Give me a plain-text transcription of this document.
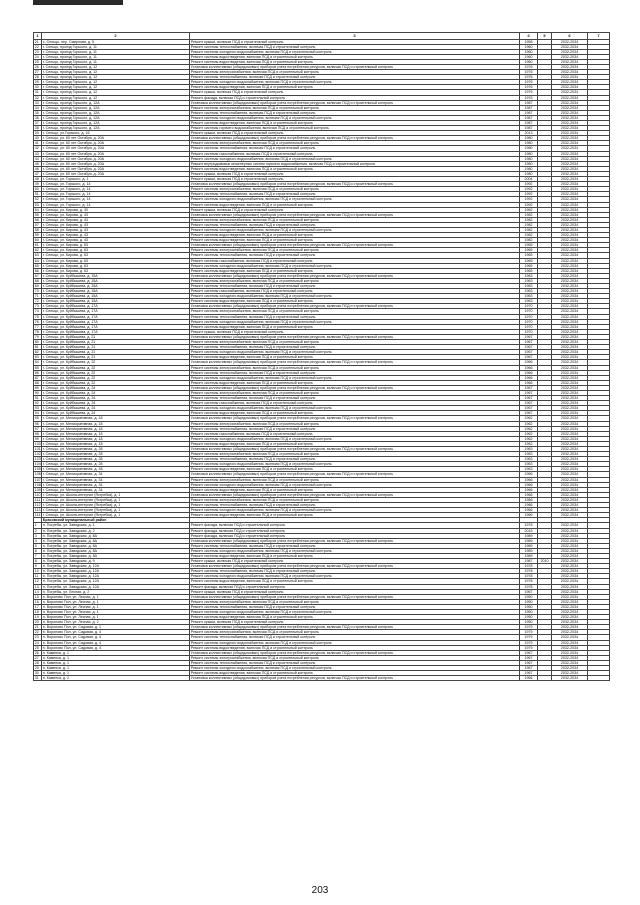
1	2	3	4	5	6	7
21	с. Сельцо, пер. Смирнова, д. 5	Ремонт крыши, включая ПСД и строительный контроль	1958		2032-2034	
22	г. Сельцо, проезд Горького, д. 11	Ремонт системы теплоснабжения, включая ПСД и строительный контроль	1960		2032-2034	
23	г. Сельцо, проезд Горького, д. 11	Ремонт системы холодного водоснабжения, включая ПСД и строительный контроль	1960		2032-2034	
24	г. Сельцо, проезд Горького, д. 11	Ремонт системы водоотведения, включая ПСД и строительный контроль	1960		2032-2034	
25	г. Сельцо, проезд Горького, д. 11	Ремонт системы водоотведения, включая ПСД и строительный контроль	1960		2032-2034	
26	г. Сельцо, проезд Горького, д. 12	Установка коллективных (общедомовых) приборов учета потребления ресурсов, включая ПСД и строительный контроль	1976		2032-2034	
27	г. Сельцо, проезд Горького, д. 12	Ремонт системы электроснабжения, включая ПСД и строительный контроль	1976		2032-2034	
28	г. Сельцо, проезд Горького, д. 12	Ремонт системы теплоснабжения, включая ПСД и строительный контроль	1976		2032-2034	
29	г. Сельцо, проезд Горького, д. 12	Ремонт системы холодного водоснабжения, включая ПСД и строительный контроль	1976		2032-2034	
30	г. Сельцо, проезд Горького, д. 12	Ремонт системы водоотведения, включая ПСД и строительный контроль	1976		2032-2034	
31	г. Сельцо, проезд Горького, д. 12	Ремонт крыши, включая ПСД и строительный контроль	1976		2032-2034	
32	г. Сельцо, проезд Горького, д. 12	Ремонт фасада, включая ПСД и строительный контроль	1976		2032-2034	
33	г. Сельцо, проезд Горького, д. 12А	Установка коллективных (общедомовых) приборов учета потребления ресурсов, включая ПСД и строительный контроль	1987		2032-2034	
34	г. Сельцо, проезд Горького, д. 12А	Ремонт системы электроснабжения, включая ПСД и строительный контроль	1987		2032-2034	
35	г. Сельцо, проезд Горького, д. 12А	Ремонт системы теплоснабжения, включая ПСД и строительный контроль	1987		2032-2034	
36	г. Сельцо, проезд Горького, д. 12А	Ремонт системы холодного водоснабжения, включая ПСД и строительный контроль	1987		2032-2034	
37	г. Сельцо, проезд Горького, д. 12А	Ремонт системы водоотведения, включая ПСД и строительный контроль	1987		2032-2034	
38	г. Сельцо, проезд Горького, д. 12А	Ремонт системы горячего водоснабжения, включая ПСД и строительный контроль	1987		2032-2034	
39	г. Сельцо, ул.Горького, д. 16	Ремонт крыши, включая ПСД и строительный контроль	2013		2032-2034	
40	г. Сельцо, ул. 60 лет Октября, д. 20А	Установка коллективных (общедомовых) приборов учета потребления ресурсов, включая ПСД и строительный контроль	1980		2032-2034	
41	г. Сельцо, ул. 60 лет Октября, д. 20А	Ремонт системы электроснабжения, включая ПСД и строительный контроль	1980		2032-2034	
42	г. Сельцо, ул. 60 лет Октября, д. 20А	Ремонт системы теплоснабжения, включая ПСД и строительный контроль	1980		2032-2034	
43	г. Сельцо, ул. 60 лет Октября, д. 20А	Ремонт системы газоснабжения, включая ПСД и строительный контроль	1980		2032-2034	
44	г. Сельцо, ул. 60 лет Октября, д. 20А	Ремонт системы холодного водоснабжения, включая ПСД и строительный контроль	1980		2032-2034	
45	г. Сельцо, ул. 60 лет Октября, д. 20А	Ремонт внутридомовых инженерных систем горячего водоснабжения, включая ПСД и строительный контроль	1980		2032-2034	
46	г. Сельцо, ул. 60 лет Октября, д. 20А	Ремонт системы водоотведения, включая ПСД и строительный контроль	1980		2032-2034	
47	г. Сельцо, ул. 60 лет Октября, д. 20А	Ремонт крыши, включая ПСД и строительный контроль	1980		2032-2034	
48	г. Сельцо, ул. Горького, д. 1	Ремонт крыши, включая ПСД и строительный контроль	2004		2032-2034	
49	г. Сельцо, ул. Горького, д. 14	Установка коллективных (общедомовых) приборов учета потребления ресурсов, включая ПСД и строительный контроль	1992		2032-2034	
50	г. Сельцо, ул. Горького, д. 14	Ремонт системы электроснабжения, включая ПСД и строительный контроль	1992		2032-2034	
51	г. Сельцо, ул. Горького, д. 14	Ремонт системы теплоснабжения, включая ПСД и строительный контроль	1992		2032-2034	
52	г. Сельцо, ул. Горького, д. 14	Ремонт системы холодного водоснабжения, включая ПСД и строительный контроль	1992		2032-2034	
53	г. Сельцо, ул. Горького, д. 14	Ремонт системы водоотведения, включая ПСД и строительный контроль	1992		2032-2034	
54	г. Сельцо, ул. Кирова, д. 30	Ремонт крыши, включая ПСД и строительный контроль	1962		2032-2034	
55	г. Сельцо, ул. Кирова, д. 43	Установка коллективных (общедомовых) приборов учета потребления ресурсов, включая ПСД и строительный контроль	1982		2032-2034	
56	г. Сельцо, ул. Кирова, д. 43	Ремонт системы электроснабжения, включая ПСД и строительный контроль	1982		2032-2034	
57	г. Сельцо, ул. Кирова, д. 43	Ремонт системы теплоснабжения, включая ПСД и строительный контроль	1982		2032-2034	
58	г. Сельцо, ул. Кирова, д. 43	Ремонт системы холодного водоснабжения, включая ПСД и строительный контроль	1982		2032-2034	
59	г. Сельцо, ул. Кирова, д. 43	Ремонт системы водоотведения, включая ПСД и строительный контроль	1982		2032-2034	
60	г. Сельцо, ул. Кирова, д. 43	Ремонт системы водоотведения, включая ПСД и строительный контроль	1982		2032-2034	
61	г. Сельцо, ул. Кирова, д. 63	Установка коллективных (общедомовых) приборов учета потребления ресурсов, включая ПСД и строительный контроль	1965		2032-2034	
62	г. Сельцо, ул. Кирова, д. 63	Ремонт системы электроснабжения, включая ПСД и строительный контроль	1965		2032-2034	
63	г. Сельцо, ул. Кирова, д. 63	Ремонт системы теплоснабжения, включая ПСД и строительный контроль	1965		2032-2034	
64	г. Сельцо, ул. Кирова, д. 63	Ремонт системы газоснабжения, включая ПСД и строительный контроль	1965		2032-2034	
65	г. Сельцо, ул. Кирова, д. 63	Ремонт системы холодного водоснабжения, включая ПСД и строительный контроль	1965		2032-2034	
66	г. Сельцо, ул. Кирова, д. 63	Ремонт системы водоотведения, включая ПСД и строительный контроль	1965		2032-2034	
67	г. Сельцо, ул. Куйбышева, д. 15А	Установка коллективных (общедомовых) приборов учета потребления ресурсов, включая ПСД и строительный контроль	1963		2032-2034	
68	г. Сельцо, ул. Куйбышева, д. 15А	Ремонт системы электроснабжения, включая ПСД и строительный контроль	1963		2032-2034	
69	г. Сельцо, ул. Куйбышева, д. 15А	Ремонт системы теплоснабжения, включая ПСД и строительный контроль	1963		2032-2034	
70	г. Сельцо, ул. Куйбышева, д. 15А	Ремонт системы газоснабжения, включая ПСД и строительный контроль	1963		2032-2034	
71	г. Сельцо, ул. Куйбышева, д. 15А	Ремонт системы холодного водоснабжения, включая ПСД и строительный контроль	1963		2032-2034	
72	г. Сельцо, ул. Куйбышева, д. 15А	Ремонт системы водоотведения, включая ПСД и строительный контроль	1963		2032-2034	
73	г. Сельцо, ул. Куйбышева, д. 17А	Установка коллективных (общедомовых) приборов учета потребления ресурсов, включая ПСД и строительный контроль	1970		2032-2034	
74	г. Сельцо, ул. Куйбышева, д. 17А	Ремонт системы электроснабжения, включая ПСД и строительный контроль	1970		2032-2034	
75	г. Сельцо, ул. Куйбышева, д. 17А	Ремонт системы теплоснабжения, включая ПСД и строительный контроль	1970		2032-2034	
76	г. Сельцо, ул. Куйбышева, д. 17А	Ремонт системы холодного водоснабжения, включая ПСД и строительный контроль	1970		2032-2034	
77	г. Сельцо, ул. Куйбышева, д. 17А	Ремонт системы водоотведения, включая ПСД и строительный контроль	1970		2032-2034	
78	г. Сельцо, ул. Куйбышева, д. 17А	Ремонт крыши, включая ПСД и строительный контроль	1970		2032-2034	
79	г. Сельцо, ул. Куйбышева, д. 21	Установка коллективных (общедомовых) приборов учета потребления ресурсов, включая ПСД и строительный контроль	1967		2032-2034	
80	г. Сельцо, ул. Куйбышева, д. 21	Ремонт системы электроснабжения, включая ПСД и строительный контроль	1967		2032-2034	
81	г. Сельцо, ул. Куйбышева, д. 21	Ремонт системы теплоснабжения, включая ПСД и строительный контроль	1967		2032-2034	
82	г. Сельцо, ул. Куйбышева, д. 21	Ремонт системы холодного водоснабжения, включая ПСД и строительный контроль	1967		2032-2034	
83	г. Сельцо, ул. Куйбышева, д. 21	Ремонт системы водоотведения, включая ПСД и строительный контроль	1967		2032-2034	
84	г. Сельцо, ул. Куйбышева, д. 22	Установка коллективных (общедомовых) приборов учета потребления ресурсов, включая ПСД и строительный контроль	1966		2032-2034	
85	г. Сельцо, ул. Куйбышева, д. 22	Ремонт системы электроснабжения, включая ПСД и строительный контроль	1966		2032-2034	
86	г. Сельцо, ул. Куйбышева, д. 22	Ремонт системы теплоснабжения, включая ПСД и строительный контроль	1966		2032-2034	
87	г. Сельцо, ул. Куйбышева, д. 22	Ремонт системы холодного водоснабжения, включая ПСД и строительный контроль	1966		2032-2034	
88	г. Сельцо, ул. Куйбышева, д. 22	Ремонт системы водоотведения, включая ПСД и строительный контроль	1966		2032-2034	
89	г. Сельцо, ул. Куйбышева, д. 24	Установка коллективных (общедомовых) приборов учета потребления ресурсов, включая ПСД и строительный контроль	1967		2032-2034	
90	г. Сельцо, ул. Куйбышева, д. 24	Ремонт системы электроснабжения, включая ПСД и строительный контроль	1967		2032-2034	
91	г. Сельцо, ул. Куйбышева, д. 24	Ремонт системы теплоснабжения, включая ПСД и строительный контроль	1967		2032-2034	
92	г. Сельцо, ул. Куйбышева, д. 24	Ремонт системы газоснабжения, включая ПСД и строительный контроль	1967		2032-2034	
93	г. Сельцо, ул. Куйбышева, д. 24	Ремонт системы холодного водоснабжения, включая ПСД и строительный контроль	1967		2032-2034	
94	г. Сельцо, ул. Куйбышева, д. 24	Ремонт системы водоотведения, включая ПСД и строительный контроль	1967		2032-2034	
95	г. Сельцо, ул. Мелиоративная, д. 18	Установка коллективных (общедомовых) приборов учета потребления ресурсов, включая ПСД и строительный контроль	1962		2032-2034	
96	г. Сельцо, ул. Мелиоративная, д. 18	Ремонт системы электроснабжения, включая ПСД и строительный контроль	1962		2032-2034	
97	г. Сельцо, ул. Мелиоративная, д. 18	Ремонт системы теплоснабжения, включая ПСД и строительный контроль	1962		2032-2034	
98	г. Сельцо, ул. Мелиоративная, д. 18	Ремонт системы газоснабжения, включая ПСД и строительный контроль	1962		2032-2034	
99	г. Сельцо, ул. Мелиоративная, д. 18	Ремонт системы холодного водоснабжения, включая ПСД и строительный контроль	1962		2032-2034	
100	г. Сельцо, ул. Мелиоративная, д. 18	Ремонт системы водоотведения, включая ПСД и строительный контроль	1962		2032-2034	
101	г. Сельцо, ул. Мелиоративная, д. 28	Установка коллективных (общедомовых) приборов учета потребления ресурсов, включая ПСД и строительный контроль	1963		2032-2034	
102	г. Сельцо, ул. Мелиоративная, д. 28	Ремонт системы электроснабжения, включая ПСД и строительный контроль	1963		2032-2034	
103	г. Сельцо, ул. Мелиоративная, д. 28	Ремонт системы теплоснабжения, включая ПСД и строительный контроль	1963		2032-2034	
104	г. Сельцо, ул. Мелиоративная, д. 28	Ремонт системы холодного водоснабжения, включая ПСД и строительный контроль	1963		2032-2034	
105	г. Сельцо, ул. Мелиоративная, д. 28	Ремонт системы водоотведения, включая ПСД и строительный контроль	1963		2032-2034	
106	г. Сельцо, ул. Мелиоративная, д. 34	Установка коллективных (общедомовых) приборов учета потребления ресурсов, включая ПСД и строительный контроль	1966		2032-2034	
107	г. Сельцо, ул. Мелиоративная, д. 34	Ремонт системы электроснабжения, включая ПСД и строительный контроль	1966		2032-2034	
108	г. Сельцо, ул. Мелиоративная, д. 34	Ремонт системы холодного водоснабжения, включая ПСД и строительный контроль	1966		2032-2034	
109	г. Сельцо, ул. Мелиоративная, д. 34	Ремонт системы водоотведения, включая ПСД и строительный контроль	1966		2032-2034	
110	г. Сельцо, ул. Школа-интернат (Ястребка), д. 1	Установка коллективных (общедомовых) приборов учета потребления ресурсов, включая ПСД и строительный контроль	1966		2032-2034	
111	г. Сельцо, ул. Школа-интернат (Ястребка), д. 1	Ремонт системы электроснабжения, включая ПСД и строительный контроль	1966		2032-2034	
112	г. Сельцо, ул. Школа-интернат (Ястребка), д. 1	Ремонт системы теплоснабжения, включая ПСД и строительный контроль	1966		2032-2034	
113	г. Сельцо, ул. Школа-интернат (Ястребка), д. 1	Ремонт системы холодного водоснабжения, включая ПСД и строительный контроль	1966		2032-2034	
114	г. Сельцо, ул. Школа-интернат (Ястребка), д. 1	Ремонт системы водоотведения, включая ПСД и строительный контроль	1966		2032-2034	
	Брасовский муниципальный район					
1	п. Погребы, ул. Заводская, д. 1	Ремонт фасада, включая ПСД и строительный контроль	1978		2032-2034	
2	п. Погребы, ул. Заводская, д. 2	Ремонт фасада, включая ПСД и строительный контроль	2015		2032-2034	
3	п. Погребы, ул. Заводская, д. 8А	Ремонт фасада, включая ПСД и строительный контроль	1989		2032-2034	
4	п. Погребы, ул. Заводская, д. 8А	Установка коллективных (общедомовых) приборов учета потребления ресурсов, включая ПСД и строительный контроль	1989		2032-2034	
5	п. Погребы, ул. Заводская, д. 8А	Ремонт системы теплоснабжения, включая ПСД и строительный контроль	1989		2032-2034	
6	п. Погребы, ул. Заводская, д. 8А	Ремонт системы холодного водоснабжения, включая ПСД и строительный контроль	1989		2032-2034	
7	п. Погребы, ул. Заводская, д. 8А	Ремонт системы водоотведения, включая ПСД и строительный контроль	1989		2032-2034	
8	п. Погребы, ул. Заводская, д. 9	Ремонт крыши, включая ПСД и строительный контроль	1987	2010	2032-2034	
9	п. Погребы, ул. Заводская, д. 12А	Установка коллективных (общедомовых) приборов учета потребления ресурсов, включая ПСД и строительный контроль	1978		2032-2034	
10	п. Погребы, ул. Заводская, д. 12А	Ремонт системы теплоснабжения, включая ПСД и строительный контроль	1978		2032-2034	
11	п. Погребы, ул. Заводская, д. 12А	Ремонт системы холодного водоснабжения, включая ПСД и строительный контроль	1978		2032-2034	
12	п. Погребы, ул. Заводская, д. 12А	Ремонт системы водоотведения, включая ПСД и строительный контроль	1978		2032-2034	
13	п. Погребы, ул. Заводская, д. 12А	Ремонт фасада, включая ПСД и строительный контроль	1978		2032-2034	
14	п. Погребы, ул. Лесная, д. 2	Ремонт крыши, включая ПСД и строительный контроль	1967		2032-2034	
15	п. Вороново Пол, ул. Лесная, д. 1	Установка коллективных (общедомовых) приборов учета потребления ресурсов, включая ПСД и строительный контроль	1950		2032-2034	
16	п. Вороново Пол, ул. Лесная, д. 1	Ремонт системы электроснабжения, включая ПСД и строительный контроль	1950		2032-2034	
17	п. Вороново Пол, ул. Лесная, д. 1	Ремонт системы теплоснабжения, включая ПСД и строительный контроль	1950		2032-2034	
18	п. Вороново Пол, ул. Лесная, д. 1	Ремонт системы холодного водоснабжения, включая ПСД и строительный контроль	1950		2032-2034	
19	п. Вороново Пол, ул. Лесная, д. 1	Ремонт системы водоотведения, включая ПСД и строительный контроль	1950		2032-2034	
20	п. Вороново Пол, ул. Лесная, д. 2	Ремонт крыши, включая ПСД и строительный контроль	1950		2032-2034	
21	п. Вороново Пол, ул. Садовая, д. 1	Установка коллективных (общедомовых) приборов учета потребления ресурсов, включая ПСД и строительный контроль	1979		2032-2034	
22	п. Вороново Пол, ул. Садовая, д. 4	Ремонт системы электроснабжения, включая ПСД и строительный контроль	1979		2032-2034	
23	п. Вороново Пол, ул. Садовая, д. 4	Ремонт системы теплоснабжения, включая ПСД и строительный контроль	1979		2032-2034	
24	п. Вороново Пол, ул. Садовая, д. 4	Ремонт системы холодного водоснабжения, включая ПСД и строительный контроль	1979		2032-2034	
25	п. Вороново Пол, ул. Садовая, д. 4	Ремонт системы водоотведения, включая ПСД и строительный контроль	1979		2032-2034	
26	п. Каменка, д. 1	Установка коллективных (общедомовых) приборов учета потребления ресурсов, включая ПСД и строительный контроль	1967		2032-2034	
27	п. Каменка, д. 1	Ремонт системы электроснабжения, включая ПСД и строительный контроль	1967		2032-2034	
28	п. Каменка, д. 1	Ремонт системы теплоснабжения, включая ПСД и строительный контроль	1967		2032-2034	
29	п. Каменка, д. 1	Ремонт системы холодного водоснабжения, включая ПСД и строительный контроль	1967		2032-2034	
30	п. Каменка, д. 1	Ремонт системы водоотведения, включая ПСД и строительный контроль	1967		2032-2034	
31	п. Каменка, д. 2	Установка коллективных (общедомовых) приборов учета потребления ресурсов, включая ПСД и строительный контроль	1966		2032-2034	
203
